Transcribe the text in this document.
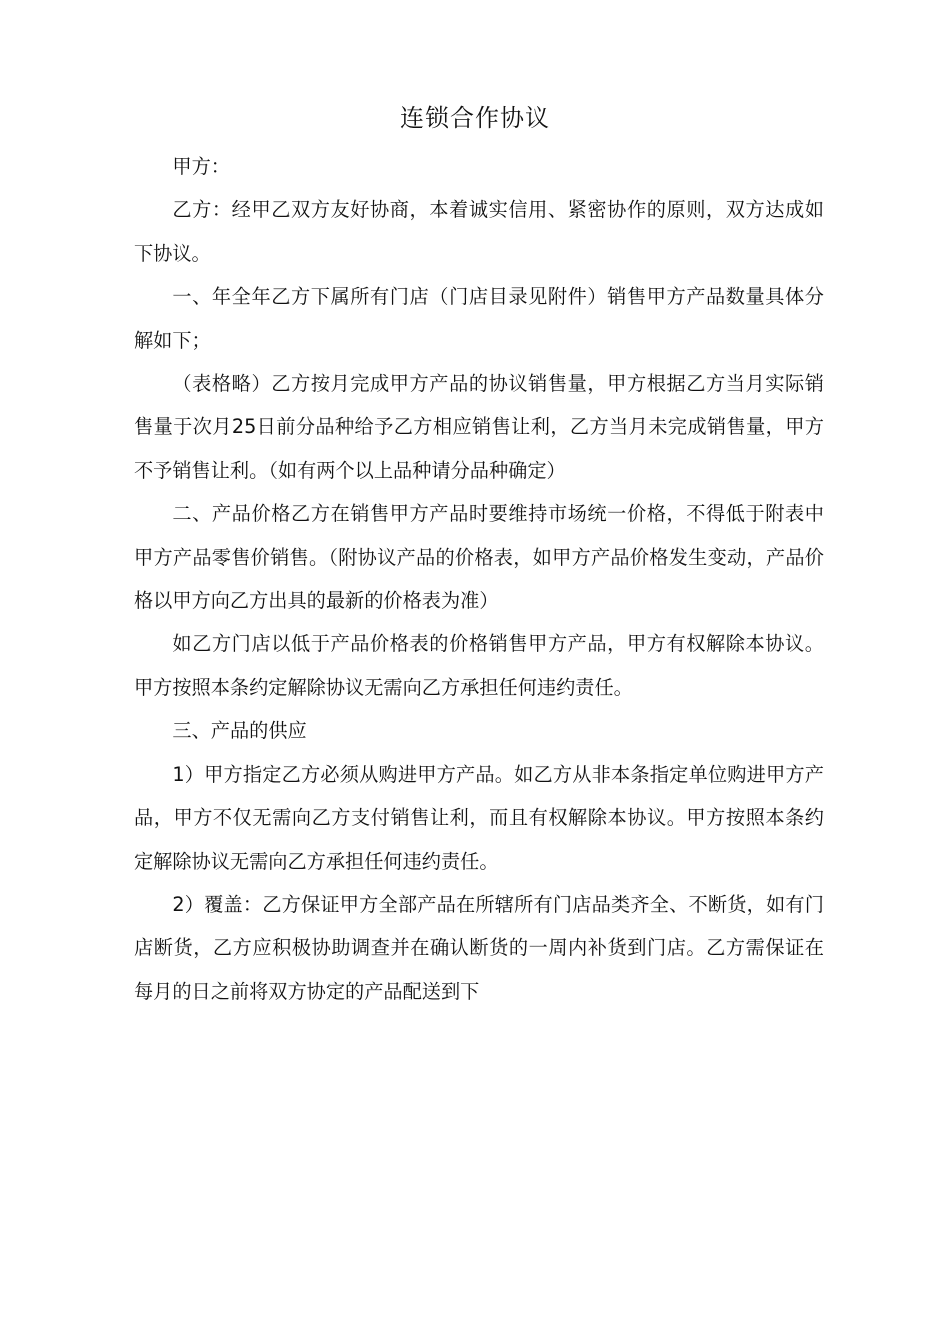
连锁合作协议

甲方：

乙方：经甲乙双方友好协商，本着诚实信用、紧密协作的原则，双方达成如下协议。

一、年全年乙方下属所有门店（门店目录见附件）销售甲方产品数量具体分解如下；

（表格略）乙方按月完成甲方产品的协议销售量，甲方根据乙方当月实际销售量于次月25日前分品种给予乙方相应销售让利，乙方当月未完成销售量，甲方不予销售让利。（如有两个以上品种请分品种确定）

二、产品价格乙方在销售甲方产品时要维持市场统一价格，不得低于附表中甲方产品零售价销售。（附协议产品的价格表，如甲方产品价格发生变动，产品价格以甲方向乙方出具的最新的价格表为准）

如乙方门店以低于产品价格表的价格销售甲方产品，甲方有权解除本协议。甲方按照本条约定解除协议无需向乙方承担任何违约责任。

三、产品的供应

1）甲方指定乙方必须从购进甲方产品。如乙方从非本条指定单位购进甲方产品，甲方不仅无需向乙方支付销售让利，而且有权解除本协议。甲方按照本条约定解除协议无需向乙方承担任何违约责任。

2）覆盖：乙方保证甲方全部产品在所辖所有门店品类齐全、不断货，如有门店断货，乙方应积极协助调查并在确认断货的一周内补货到门店。乙方需保证在每月的日之前将双方协定的产品配送到下
